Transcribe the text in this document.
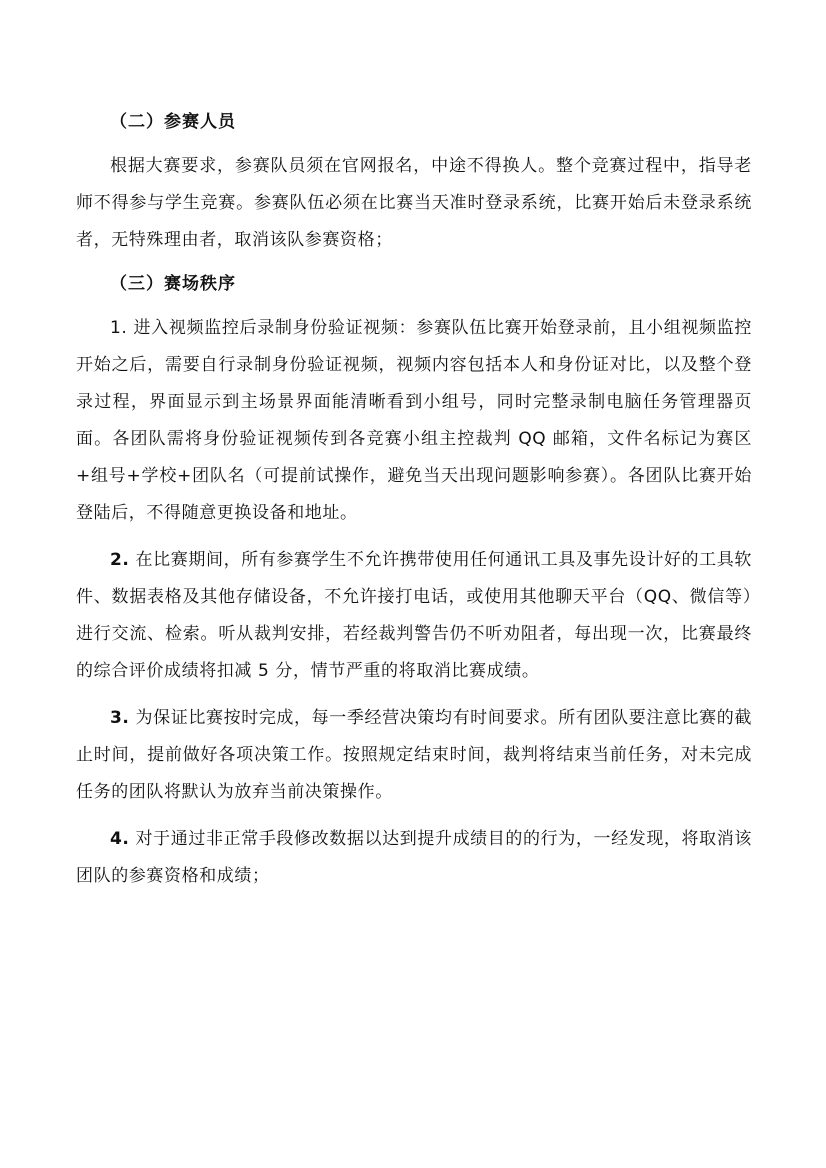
（二）参赛人员

根据大赛要求，参赛队员须在官网报名，中途不得换人。整个竞赛过程中，指导老师不得参与学生竞赛。参赛队伍必须在比赛当天准时登录系统，比赛开始后未登录系统者，无特殊理由者，取消该队参赛资格；

（三）赛场秩序

1. 进入视频监控后录制身份验证视频：参赛队伍比赛开始登录前，且小组视频监控开始之后，需要自行录制身份验证视频，视频内容包括本人和身份证对比，以及整个登录过程，界面显示到主场景界面能清晰看到小组号，同时完整录制电脑任务管理器页面。各团队需将身份验证视频传到各竞赛小组主控裁判 QQ 邮箱，文件名标记为赛区+组号+学校+团队名（可提前试操作，避免当天出现问题影响参赛）。各团队比赛开始登陆后，不得随意更换设备和地址。

2. 在比赛期间，所有参赛学生不允许携带使用任何通讯工具及事先设计好的工具软件、数据表格及其他存储设备，不允许接打电话，或使用其他聊天平台（QQ、微信等）进行交流、检索。听从裁判安排，若经裁判警告仍不听劝阻者，每出现一次，比赛最终的综合评价成绩将扣减 5 分，情节严重的将取消比赛成绩。

3. 为保证比赛按时完成，每一季经营决策均有时间要求。所有团队要注意比赛的截止时间，提前做好各项决策工作。按照规定结束时间，裁判将结束当前任务，对未完成任务的团队将默认为放弃当前决策操作。

4. 对于通过非正常手段修改数据以达到提升成绩目的的行为，一经发现，将取消该团队的参赛资格和成绩；
